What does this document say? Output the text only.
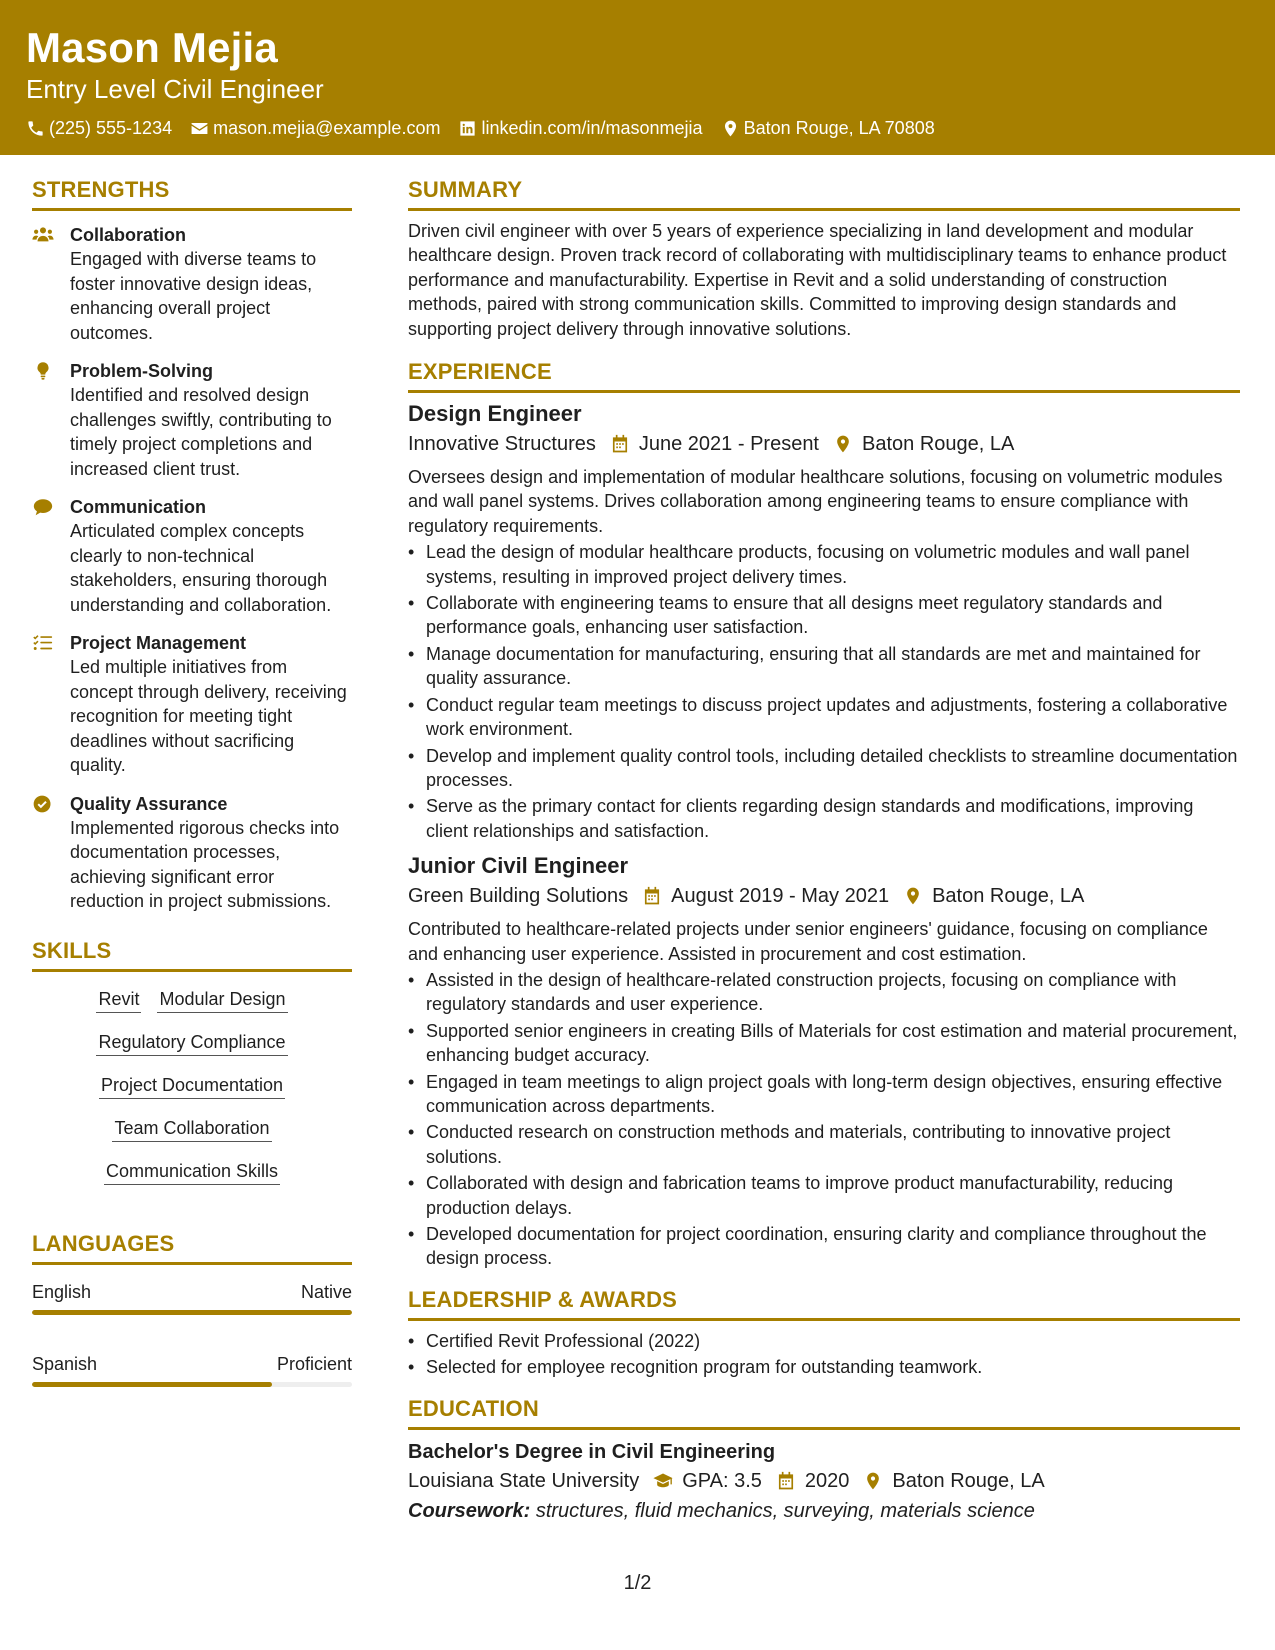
Mason Mejia
Entry Level Civil Engineer
(225) 555-1234 mason.mejia@example.com linkedin.com/in/masonmejia Baton Rouge, LA 70808
STRENGTHS
Collaboration
Engaged with diverse teams to foster innovative design ideas, enhancing overall project outcomes.
Problem-Solving
Identified and resolved design challenges swiftly, contributing to timely project completions and increased client trust.
Communication
Articulated complex concepts clearly to non-technical stakeholders, ensuring thorough understanding and collaboration.
Project Management
Led multiple initiatives from concept through delivery, receiving recognition for meeting tight deadlines without sacrificing quality.
Quality Assurance
Implemented rigorous checks into documentation processes, achieving significant error reduction in project submissions.
SKILLS
Revit Modular Design
Regulatory Compliance
Project Documentation
Team Collaboration
Communication Skills
LANGUAGES
English	Native
Spanish	Proficient
SUMMARY
Driven civil engineer with over 5 years of experience specializing in land development and modular healthcare design. Proven track record of collaborating with multidisciplinary teams to enhance product performance and manufacturability. Expertise in Revit and a solid understanding of construction methods, paired with strong communication skills. Committed to improving design standards and supporting project delivery through innovative solutions.
EXPERIENCE
Design Engineer
Innovative Structures June 2021 - Present Baton Rouge, LA
Oversees design and implementation of modular healthcare solutions, focusing on volumetric modules and wall panel systems. Drives collaboration among engineering teams to ensure compliance with regulatory requirements.
• Lead the design of modular healthcare products, focusing on volumetric modules and wall panel systems, resulting in improved project delivery times.
• Collaborate with engineering teams to ensure that all designs meet regulatory standards and performance goals, enhancing user satisfaction.
• Manage documentation for manufacturing, ensuring that all standards are met and maintained for quality assurance.
• Conduct regular team meetings to discuss project updates and adjustments, fostering a collaborative work environment.
• Develop and implement quality control tools, including detailed checklists to streamline documentation processes.
• Serve as the primary contact for clients regarding design standards and modifications, improving client relationships and satisfaction.
Junior Civil Engineer
Green Building Solutions August 2019 - May 2021 Baton Rouge, LA
Contributed to healthcare-related projects under senior engineers' guidance, focusing on compliance and enhancing user experience. Assisted in procurement and cost estimation.
• Assisted in the design of healthcare-related construction projects, focusing on compliance with regulatory standards and user experience.
• Supported senior engineers in creating Bills of Materials for cost estimation and material procurement, enhancing budget accuracy.
• Engaged in team meetings to align project goals with long-term design objectives, ensuring effective communication across departments.
• Conducted research on construction methods and materials, contributing to innovative project solutions.
• Collaborated with design and fabrication teams to improve product manufacturability, reducing production delays.
• Developed documentation for project coordination, ensuring clarity and compliance throughout the design process.
LEADERSHIP & AWARDS
• Certified Revit Professional (2022)
• Selected for employee recognition program for outstanding teamwork.
EDUCATION
Bachelor's Degree in Civil Engineering
Louisiana State University GPA: 3.5 2020 Baton Rouge, LA
Coursework: structures, fluid mechanics, surveying, materials science
1/2
